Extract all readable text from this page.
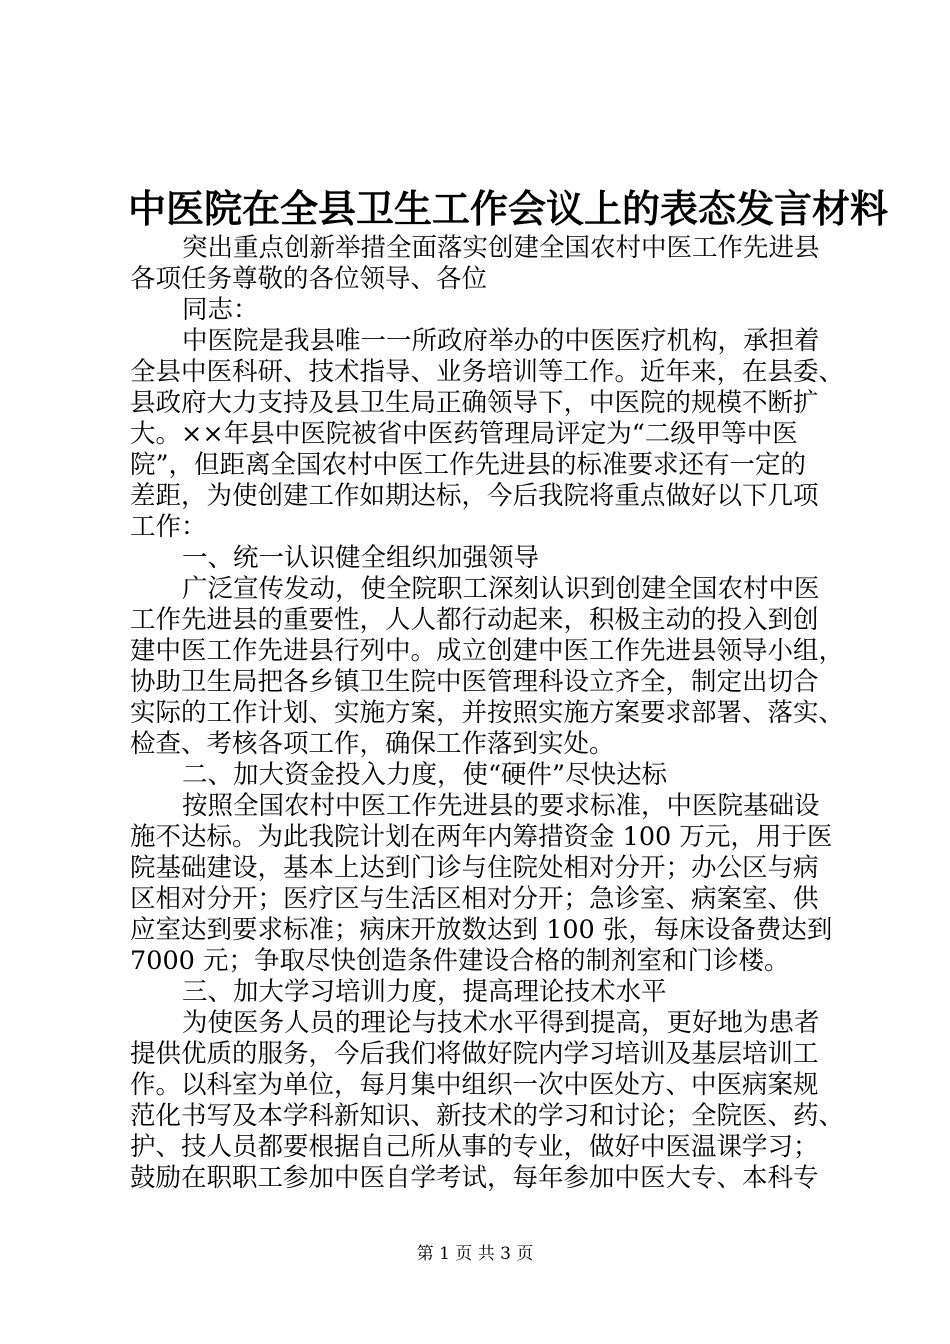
中医院在全县卫生工作会议上的表态发言材料
突出重点创新举措全面落实创建全国农村中医工作先进县
各项任务尊敬的各位领导、各位
同志：
中医院是我县唯一一所政府举办的中医医疗机构，承担着
全县中医科研、技术指导、业务培训等工作。近年来，在县委、
县政府大力支持及县卫生局正确领导下，中医院的规模不断扩
大。××年县中医院被省中医药管理局评定为“二级甲等中医
院”，但距离全国农村中医工作先进县的标准要求还有一定的
差距，为使创建工作如期达标，今后我院将重点做好以下几项
工作：
一、统一认识健全组织加强领导
广泛宣传发动，使全院职工深刻认识到创建全国农村中医
工作先进县的重要性，人人都行动起来，积极主动的投入到创
建中医工作先进县行列中。成立创建中医工作先进县领导小组，
协助卫生局把各乡镇卫生院中医管理科设立齐全，制定出切合
实际的工作计划、实施方案，并按照实施方案要求部署、落实、
检查、考核各项工作，确保工作落到实处。
二、加大资金投入力度，使“硬件”尽快达标
按照全国农村中医工作先进县的要求标准，中医院基础设
施不达标。为此我院计划在两年内筹措资金 100 万元，用于医
院基础建设，基本上达到门诊与住院处相对分开；办公区与病
区相对分开；医疗区与生活区相对分开；急诊室、病案室、供
应室达到要求标准；病床开放数达到 100 张，每床设备费达到
7000 元；争取尽快创造条件建设合格的制剂室和门诊楼。
三、加大学习培训力度，提高理论技术水平
为使医务人员的理论与技术水平得到提高，更好地为患者
提供优质的服务，今后我们将做好院内学习培训及基层培训工
作。以科室为单位，每月集中组织一次中医处方、中医病案规
范化书写及本学科新知识、新技术的学习和讨论；全院医、药、
护、技人员都要根据自己所从事的专业，做好中医温课学习；
鼓励在职职工参加中医自学考试，每年参加中医大专、本科专
第 1 页 共 3 页
